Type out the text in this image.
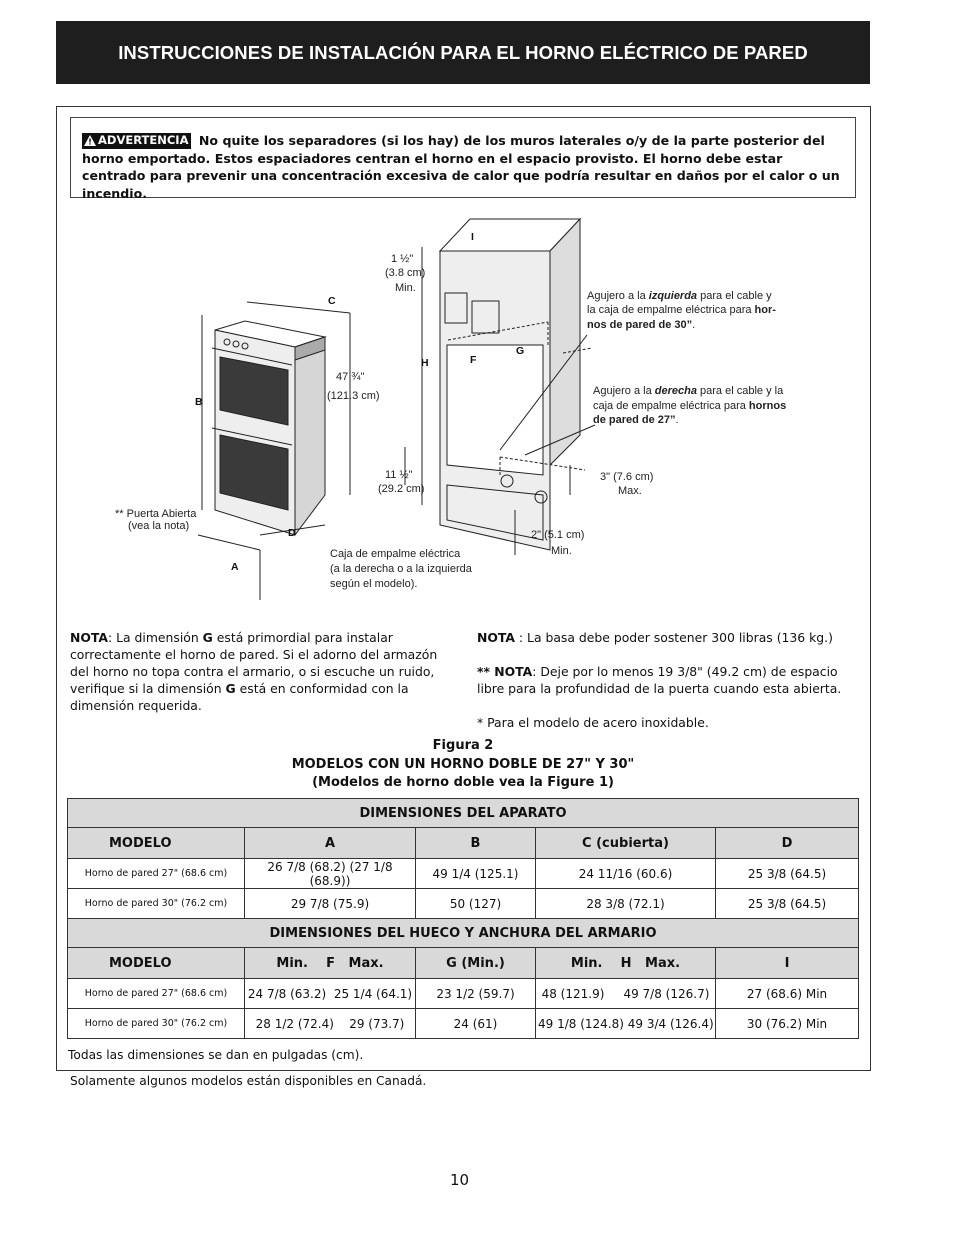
INSTRUCCIONES DE INSTALACIÓN PARA EL HORNO ELÉCTRICO DE PARED
ADVERTENCIA No quite los separadores (si los hay) de los muros laterales o/y de la parte posterior del horno emportado. Estos espaciadores centran el horno en el espacio provisto. El horno debe estar centrado para prevenir una concentración excesiva de calor que podría resultar en daños por el calor o un incendio.
C
B
D
A
I
H	F
G
1 ½"
(3.8 cm)
Min.
47 ¾"
(121.3 cm)
11 ½"
(29.2 cm)
** Puerta Abierta
(vea la nota)
Agujero a la izquierda para el cable y
la caja de empalme eléctrica para hor-
nos de pared de 30”.
Agujero a la derecha para el cable y la
caja de empalme eléctrica para hornos
de pared de 27”.
3" (7.6 cm)
Max.
2" (5.1 cm)
Min.
Caja de empalme eléctrica
(a la derecha o a la izquierda
según el modelo).
NOTA: La dimensión G está primordial para instalar correctamente el horno de pared. Si el adorno del armazón del horno no topa contra el armario, o si escuche un ruido, verifique si la dimensión G está en conformidad con la dimensión requerida.
NOTA : La basa debe poder sostener 300 libras (136 kg.)
** NOTA: Deje por lo menos 19 3/8" (49.2 cm) de espacio libre para la profundidad de la puerta cuando esta abierta.
* Para el modelo de acero inoxidable.
Figura 2
MODELOS CON UN HORNO DOBLE DE 27" Y 30"
(Modelos de horno doble vea la Figure 1)
DIMENSIONES DEL APARATO				
MODELO	A	B	C (cubierta)	D
Horno de pared 27" (68.6 cm)	26 7/8 (68.2) (27 1/8 (68.9))	49 1/4 (125.1)	24 11/16 (60.6)	25 3/8 (64.5)
Horno de pared 30" (76.2 cm)	29 7/8 (75.9)	50 (127)	28 3/8 (72.1)	25 3/8 (64.5)
DIMENSIONES DEL HUECO Y ANCHURA DEL ARMARIO				
MODELO	Min.    F   Max.	G (Min.)	Min.    H   Max.	I
Horno de pared 27" (68.6 cm)	24 7/8 (63.2)  25 1/4 (64.1)	23 1/2 (59.7)	48 (121.9)     49 7/8 (126.7)	27 (68.6) Min
Horno de pared 30" (76.2 cm)	28 1/2 (72.4)    29 (73.7)	24 (61)	49 1/8 (124.8) 49 3/4 (126.4)	30 (76.2) Min
Todas las dimensiones se dan en pulgadas (cm).
Solamente algunos modelos están disponibles en Canadá.
10
